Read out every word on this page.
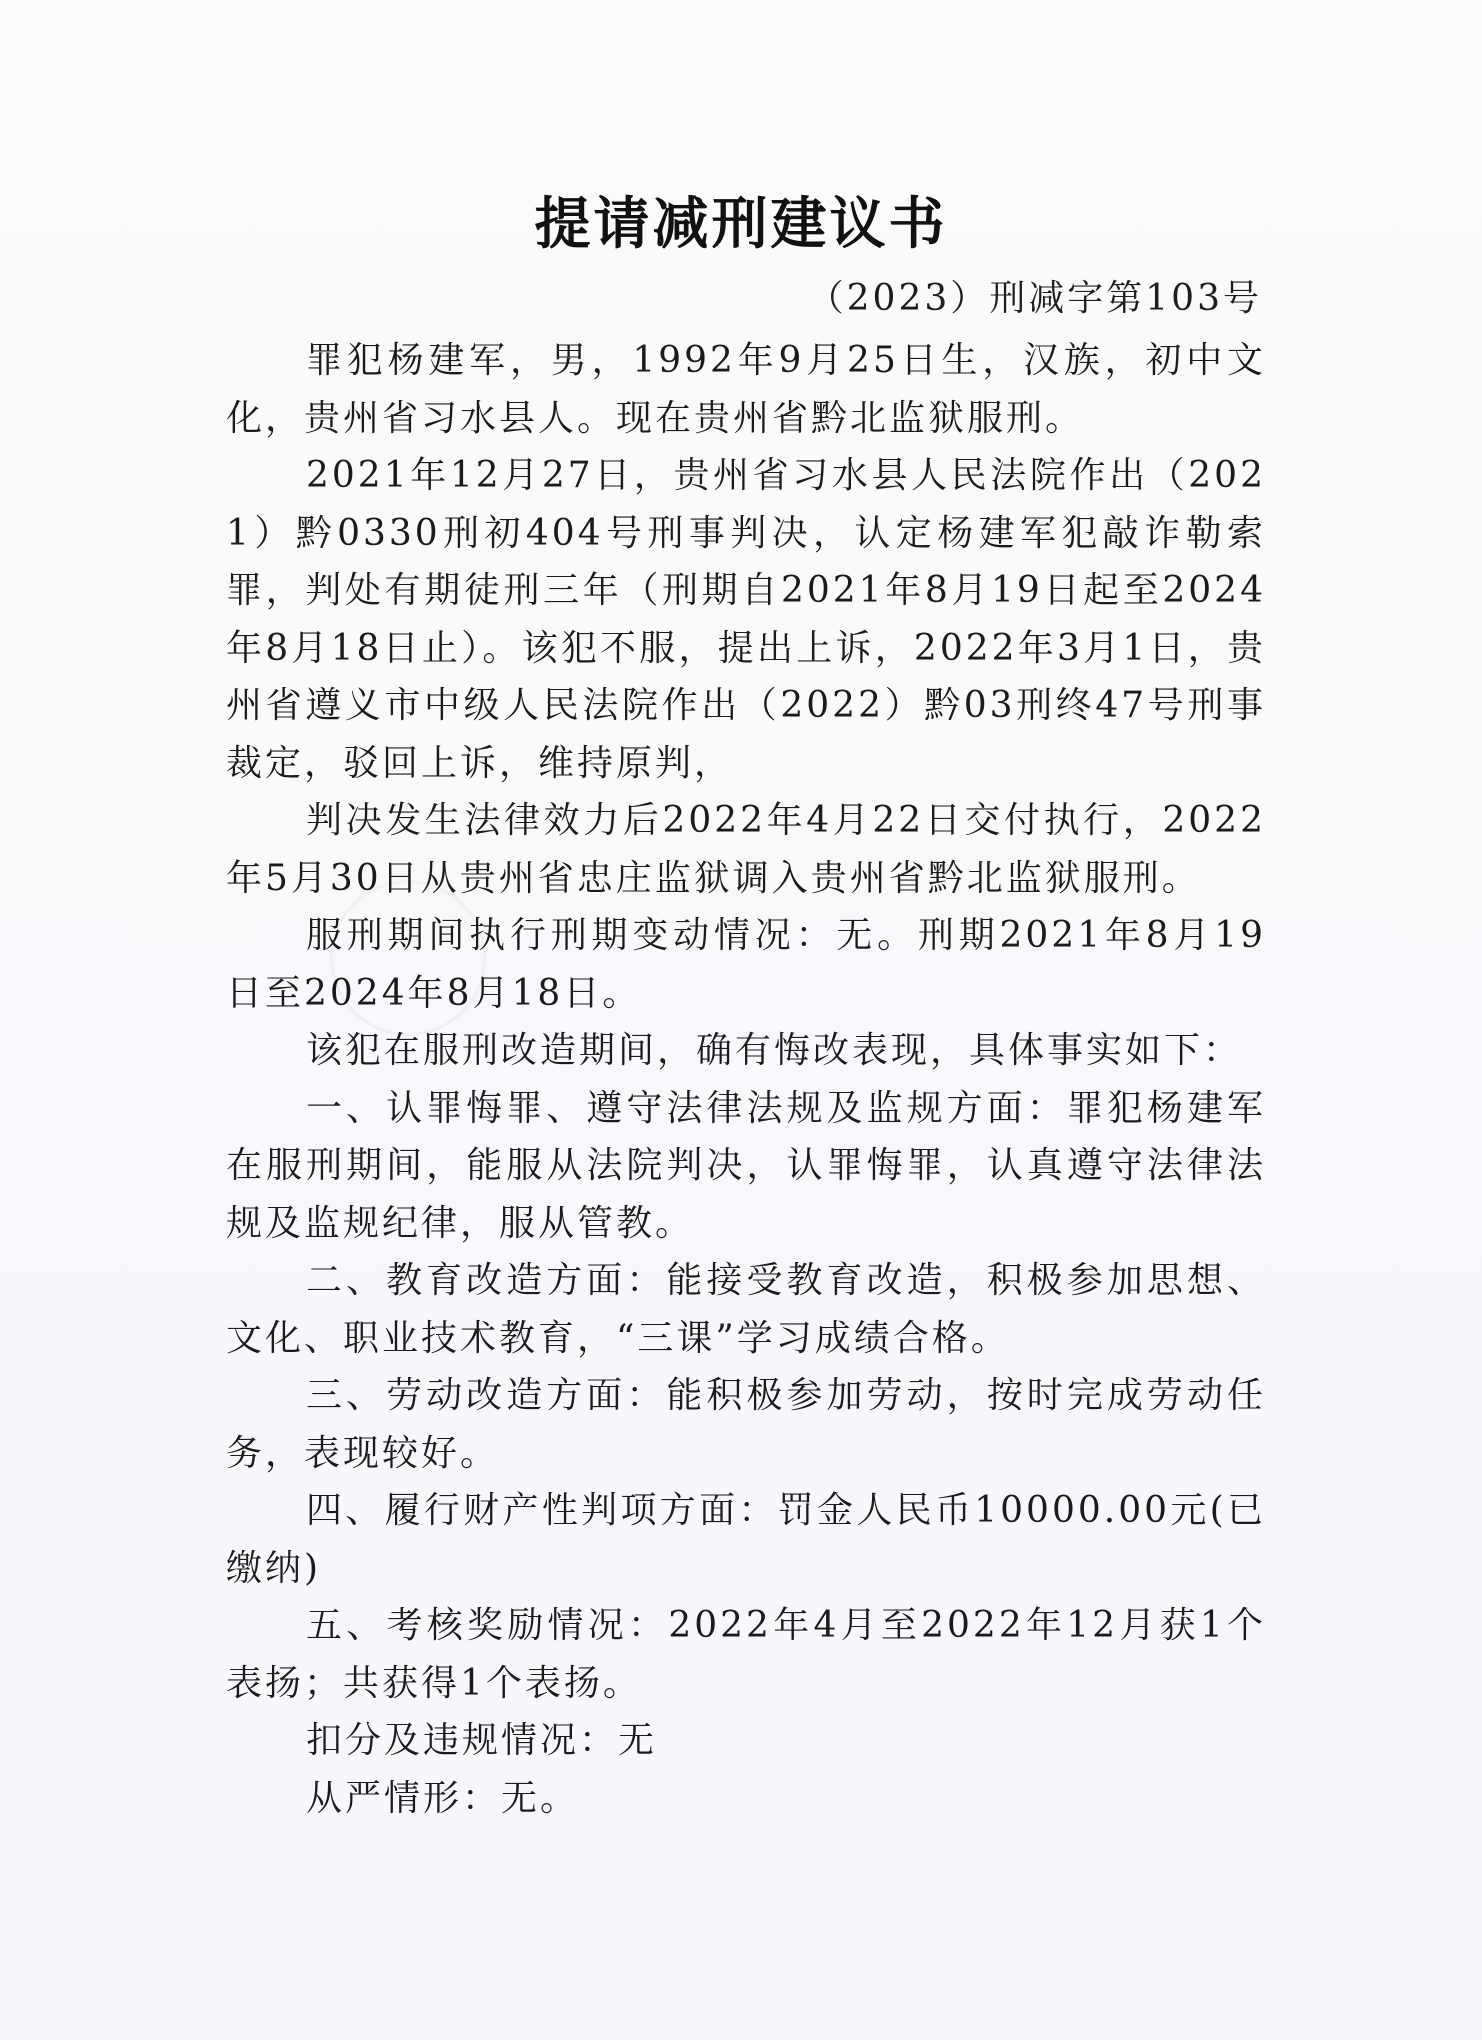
提请减刑建议书
（2023）刑减字第103号

罪犯杨建军，男，1992年9月25日生，汉族，初中文化，贵州省习水县人。现在贵州省黔北监狱服刑。

2021年12月27日，贵州省习水县人民法院作出（2021）黔0330刑初404号刑事判决，认定杨建军犯敲诈勒索罪，判处有期徒刑三年（刑期自2021年8月19日起至2024年8月18日止）。该犯不服，提出上诉，2022年3月1日，贵州省遵义市中级人民法院作出（2022）黔03刑终47号刑事裁定，驳回上诉，维持原判，

判决发生法律效力后2022年4月22日交付执行，2022年5月30日从贵州省忠庄监狱调入贵州省黔北监狱服刑。

服刑期间执行刑期变动情况：无。刑期2021年8月19日至2024年8月18日。

该犯在服刑改造期间，确有悔改表现，具体事实如下：

一、认罪悔罪、遵守法律法规及监规方面：罪犯杨建军在服刑期间，能服从法院判决，认罪悔罪，认真遵守法律法规及监规纪律，服从管教。

二、教育改造方面：能接受教育改造，积极参加思想、文化、职业技术教育，“三课”学习成绩合格。

三、劳动改造方面：能积极参加劳动，按时完成劳动任务，表现较好。

四、履行财产性判项方面：罚金人民币10000.00元(已缴纳)

五、考核奖励情况：2022年4月至2022年12月获1个表扬；共获得1个表扬。

扣分及违规情况：无

从严情形：无。
